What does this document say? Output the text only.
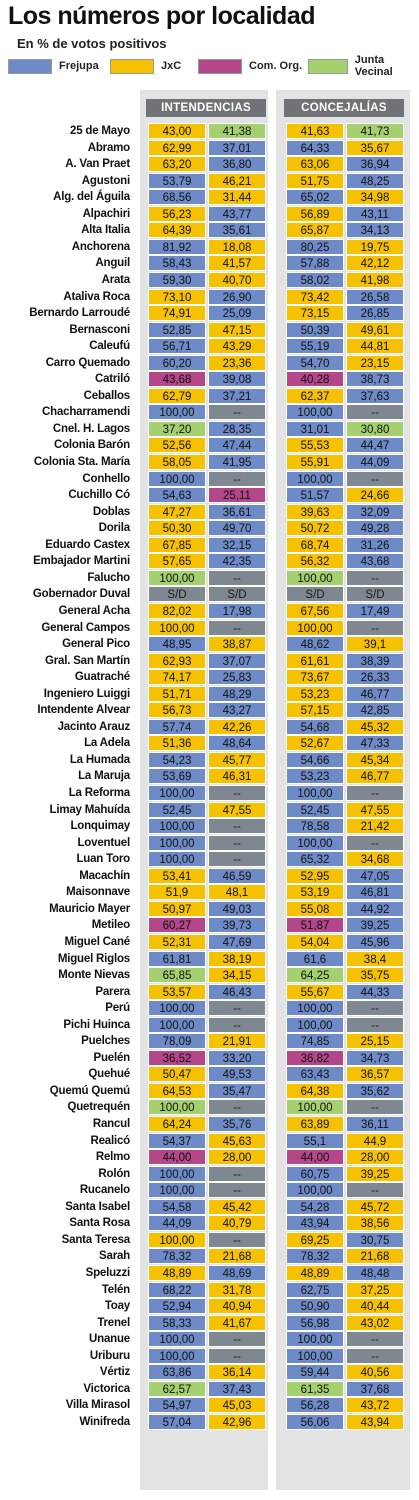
Los números por localidad
En % de votos positivos
Frejupa	JxC	Com. Org.	Junta Vecinal
INTENDENCIAS	CONCEJALÍAS
25 de Mayo	43,00	41,38	41,63	41,73
Abramo	62,99	37,01	64,33	35,67
A. Van Praet	63,20	36,80	63,06	36,94
Agustoni	53,79	46,21	51,75	48,25
Alg. del Águila	68,56	31,44	65,02	34,98
Alpachiri	56,23	43,77	56,89	43,11
Alta Italia	64,39	35,61	65,87	34,13
Anchorena	81,92	18,08	80,25	19,75
Anguil	58,43	41,57	57,88	42,12
Arata	59,30	40,70	58,02	41,98
Ataliva Roca	73,10	26,90	73,42	26,58
Bernardo Larroudé	74,91	25,09	73,15	26,85
Bernasconi	52,85	47,15	50,39	49,61
Caleufú	56,71	43,29	55,19	44,81
Carro Quemado	60,20	23,36	54,70	23,15
Catriló	43,68	39,08	40,28	38,73
Ceballos	62,79	37,21	62,37	37,63
Chacharramendi	100,00	--	100,00	--
Cnel. H. Lagos	37,20	28,35	31,01	30,80
Colonia Barón	52,56	47,44	55,53	44,47
Colonia Sta. María	58,05	41,95	55,91	44,09
Conhello	100,00	--	100,00	--
Cuchillo Có	54,63	25,11	51,57	24,66
Doblas	47,27	36,61	39,63	32,09
Dorila	50,30	49,70	50,72	49,28
Eduardo Castex	67,85	32,15	68,74	31,26
Embajador Martini	57,65	42,35	56,32	43,68
Falucho	100,00	--	100,00	--
Gobernador Duval	S/D	S/D	S/D	S/D
General Acha	82,02	17,98	67,56	17,49
General Campos	100,00	--	100,00	--
General Pico	48,95	38,87	48,62	39,1
Gral. San Martín	62,93	37,07	61,61	38,39
Guatraché	74,17	25,83	73,67	26,33
Ingeniero Luiggi	51,71	48,29	53,23	46,77
Intendente Alvear	56,73	43,27	57,15	42,85
Jacinto Arauz	57,74	42,26	54,68	45,32
La Adela	51,36	48,64	52,67	47,33
La Humada	54,23	45,77	54,66	45,34
La Maruja	53,69	46,31	53,23	46,77
La Reforma	100,00	--	100,00	--
Limay Mahuída	52,45	47,55	52,45	47,55
Lonquimay	100,00	--	78,58	21,42
Loventuel	100,00	--	100,00	--
Luan Toro	100,00	--	65,32	34,68
Macachín	53,41	46,59	52,95	47,05
Maisonnave	51,9	48,1	53,19	46,81
Mauricio Mayer	50,97	49,03	55,08	44,92
Metileo	60,27	39,73	51,87	39,25
Miguel Cané	52,31	47,69	54,04	45,96
Miguel Riglos	61,81	38,19	61,6	38,4
Monte Nievas	65,85	34,15	64,25	35,75
Parera	53,57	46,43	55,67	44,33
Perú	100,00	--	100,00	--
Pichi Huinca	100,00	--	100,00	--
Puelches	78,09	21,91	74,85	25,15
Puelén	36,52	33,20	36,82	34,73
Quehué	50,47	49,53	63,43	36,57
Quemú Quemú	64,53	35,47	64,38	35,62
Quetrequén	100,00	--	100,00	--
Rancul	64,24	35,76	63,89	36,11
Realicó	54,37	45,63	55,1	44,9
Relmo	44,00	28,00	44,00	28,00
Rolón	100,00	--	60,75	39,25
Rucanelo	100,00	--	100,00	--
Santa Isabel	54,58	45,42	54,28	45,72
Santa Rosa	44,09	40,79	43,94	38,56
Santa Teresa	100,00	--	69,25	30,75
Sarah	78,32	21,68	78,32	21,68
Speluzzi	48,89	48,69	48,89	48,48
Telén	68,22	31,78	62,75	37,25
Toay	52,94	40,94	50,90	40,44
Trenel	58,33	41,67	56,98	43,02
Unanue	100,00	--	100,00	--
Uriburu	100,00	--	100,00	--
Vértiz	63,86	36,14	59,44	40,56
Victorica	62,57	37,43	61,35	37,68
Villa Mirasol	54,97	45,03	56,28	43,72
Winifreda	57,04	42,96	56,06	43,94
